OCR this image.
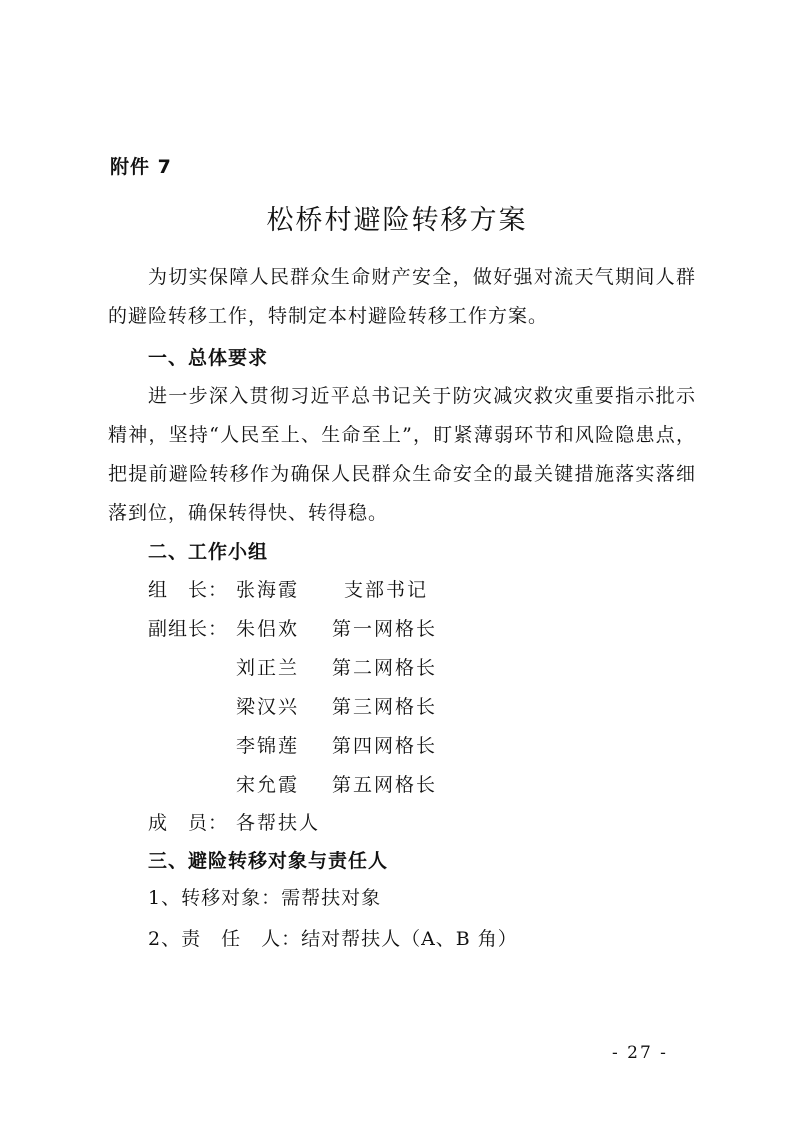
附件 7
松桥村避险转移方案
为切实保障人民群众生命财产安全，做好强对流天气期间人群的避险转移工作，特制定本村避险转移工作方案。
一、总体要求
进一步深入贯彻习近平总书记关于防灾减灾救灾重要指示批示精神，坚持“人民至上、生命至上”，盯紧薄弱环节和风险隐患点，把提前避险转移作为确保人民群众生命安全的最关键措施落实落细落到位，确保转得快、转得稳。
二、工作小组
组　长： 张海霞 支部书记
副组长： 朱侣欢 第一网格长
刘正兰 第二网格长
梁汉兴 第三网格长
李锦莲 第四网格长
宋允霞 第五网格长
成　员： 各帮扶人
三、避险转移对象与责任人
1、转移对象：需帮扶对象
2、责　任　人：结对帮扶人（A、B 角）
- 27 -
